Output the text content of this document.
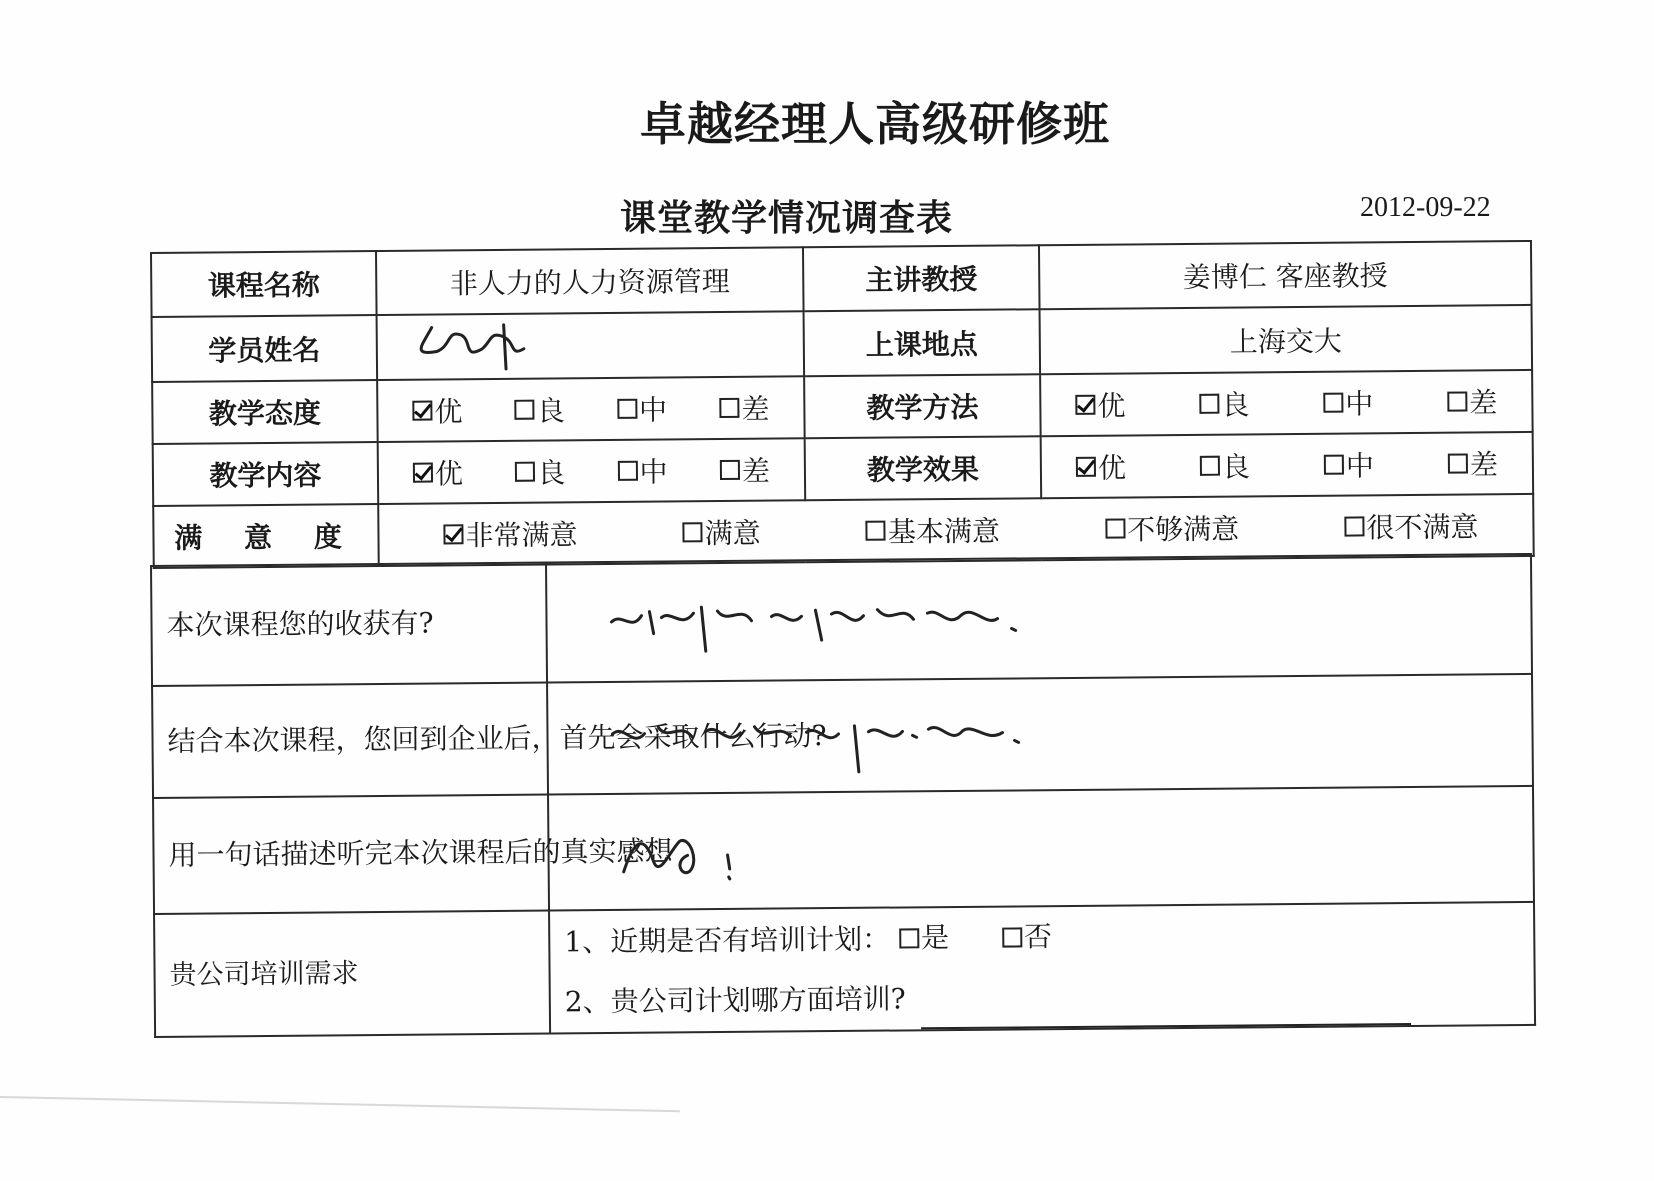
卓越经理人高级研修班
课堂教学情况调查表	2012-09-22
课程名称	非人力的人力资源管理	主讲教授	姜博仁 客座教授
学员姓名		上课地点	上海交大
教学态度	优 良 中 差	教学方法	优 良 中 差

教学内容	优 良 中 差	教学效果	优 良 中 差

满 意 度	非常满意 满意 基本满意 不够满意 很不满意		
本次课程您的收获有?	

结合本次课程，您回到企业后，首先会采取什么行动?	

用一句话描述听完本次课程后的真实感想	

贵公司培训需求	1、近期是否有培训计划： 是
否
2、贵公司计划哪方面培训?
